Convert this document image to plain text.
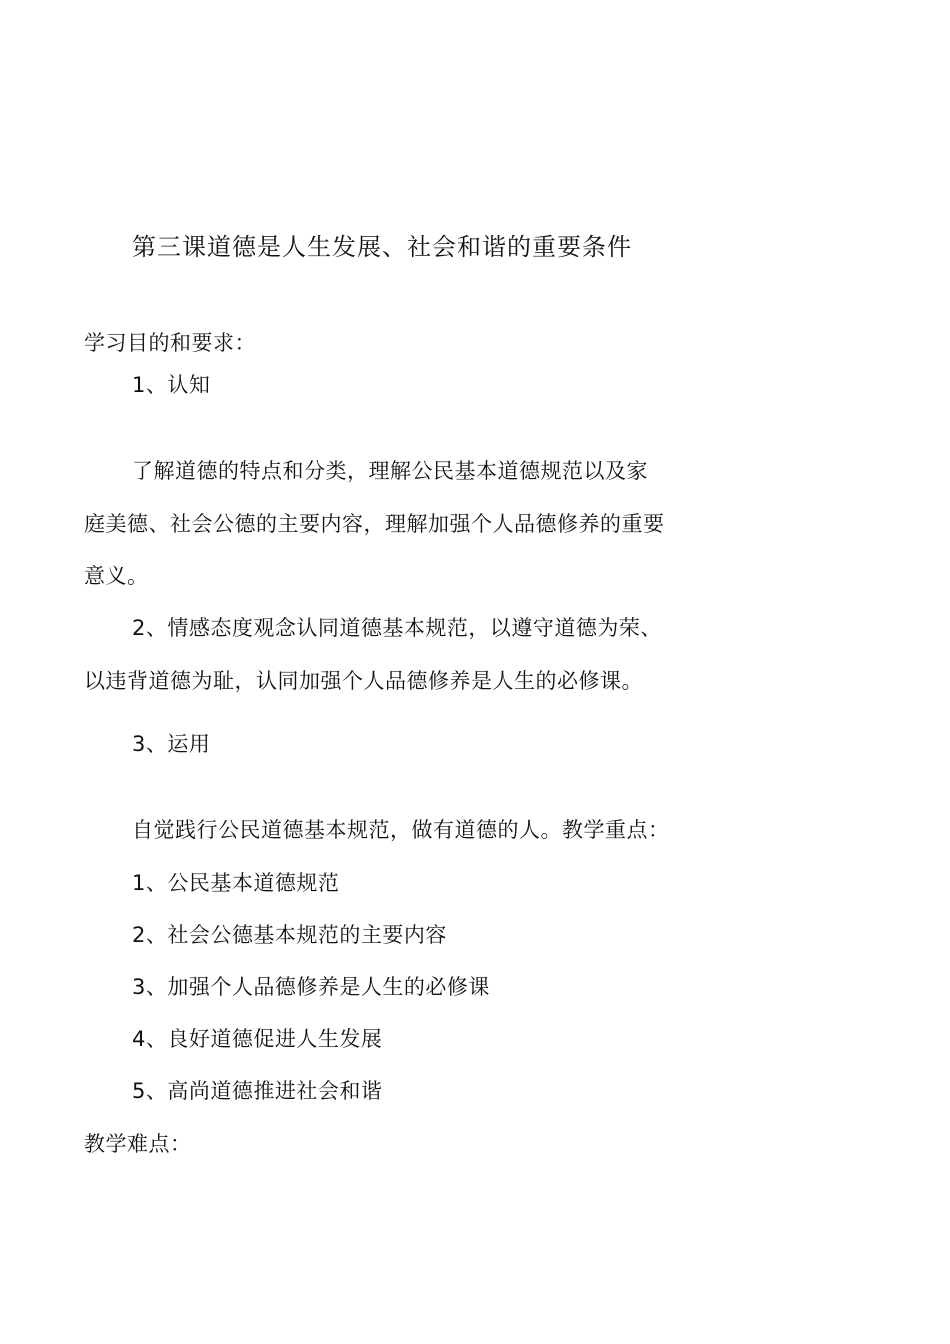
第三课道德是人生发展、社会和谐的重要条件
学习目的和要求：
1、认知
了解道德的特点和分类，理解公民基本道德规范以及家
庭美德、社会公德的主要内容，理解加强个人品德修养的重要
意义。
2、情感态度观念认同道德基本规范，以遵守道德为荣、
以违背道德为耻，认同加强个人品德修养是人生的必修课。
3、运用
自觉践行公民道德基本规范，做有道德的人。教学重点：
1、公民基本道德规范
2、社会公德基本规范的主要内容
3、加强个人品德修养是人生的必修课
4、良好道德促进人生发展
5、高尚道德推进社会和谐
教学难点：
